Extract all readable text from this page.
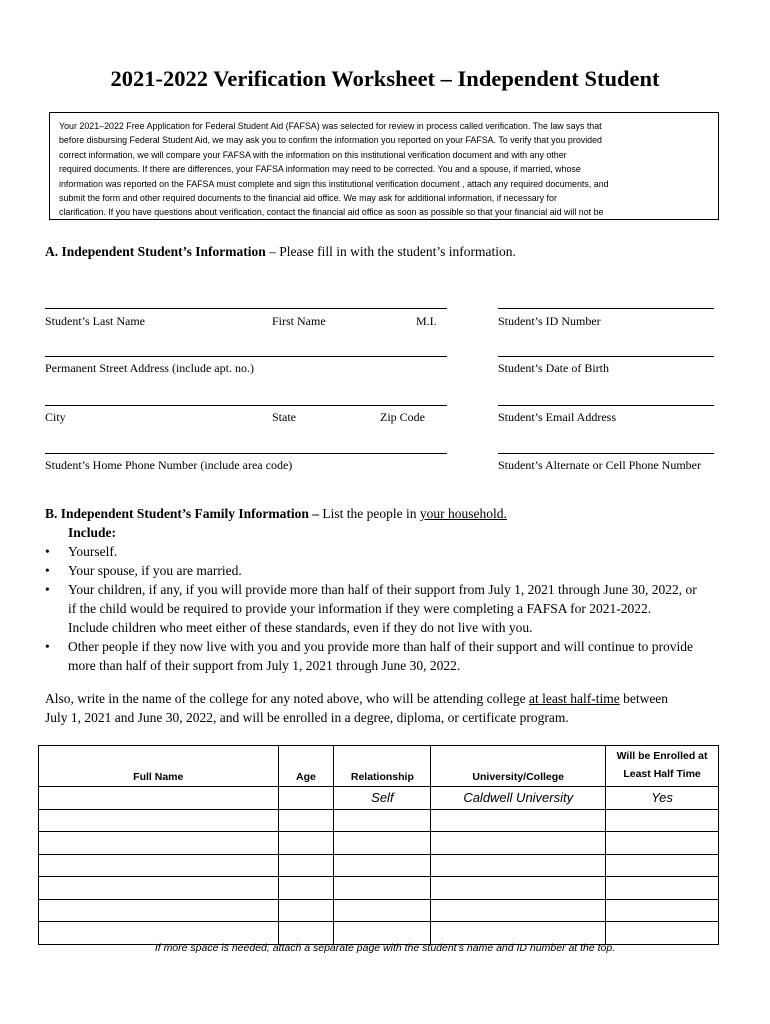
2021-2022 Verification Worksheet – Independent Student
Your 2021–2022 Free Application for Federal Student Aid (FAFSA) was selected for review in process called verification. The law says that
before disbursing Federal Student Aid, we may ask you to confirm the information you reported on your FAFSA. To verify that you provided
correct information, we will compare your FAFSA with the information on this institutional verification document and with any other
required documents. If there are differences, your FAFSA information may need to be corrected. You and a spouse, if married, whose
information was reported on the FAFSA must complete and sign this institutional verification document , attach any required documents, and
submit the form and other required documents to the financial aid office. We may ask for additional information, if necessary for
clarification. If you have questions about verification, contact the financial aid office as soon as possible so that your financial aid will not be
A. Independent Student’s Information – Please fill in with the student’s information.
Student’s Last Name	First Name	M.I.	Student’s ID Number
Permanent Street Address (include apt. no.)	Student’s Date of Birth
City	State	Zip Code	Student’s Email Address
Student’s Home Phone Number (include area code)	Student’s Alternate or Cell Phone Number
B. Independent Student’s Family Information – List the people in your household.
Include:
• Yourself.
• Your spouse, if you are married.
• Your children, if any, if you will provide more than half of their support from July 1, 2021 through June 30, 2022, or
if the child would be required to provide your information if they were completing a FAFSA for 2021-2022.
Include children who meet either of these standards, even if they do not live with you.
• Other people if they now live with you and you provide more than half of their support and will continue to provide
more than half of their support from July 1, 2021 through June 30, 2022.
Also, write in the name of the college for any noted above, who will be attending college at least half-time between
July 1, 2021 and June 30, 2022, and will be enrolled in a degree, diploma, or certificate program.
Full Name	Age	Relationship	University/College	Will be Enrolled at
Least Half Time

		Self	Caldwell University	Yes

If more space is needed, attach a separate page with the student’s name and ID number at the top.
